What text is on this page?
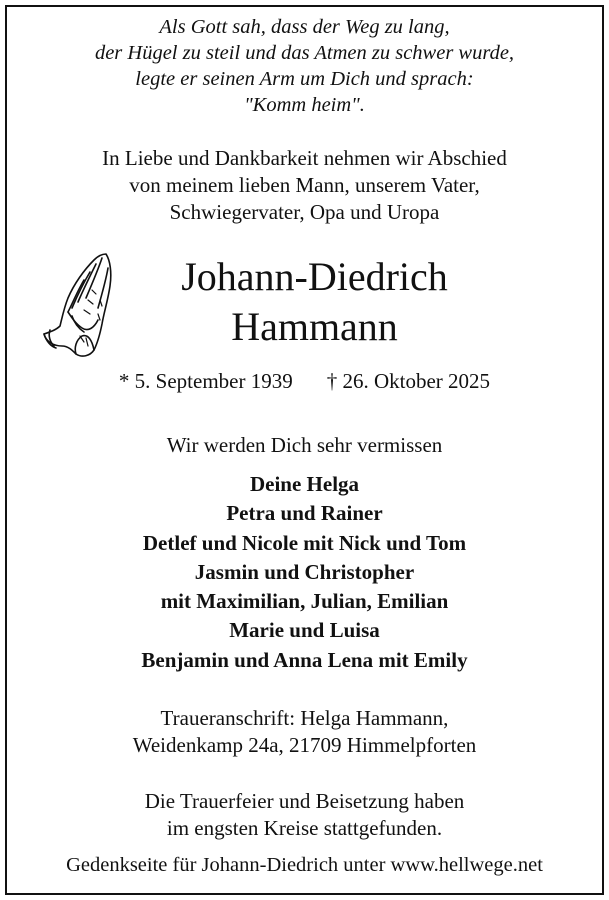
Als Gott sah, dass der Weg zu lang,
der Hügel zu steil und das Atmen zu schwer wurde,
legte er seinen Arm um Dich und sprach:
"Komm heim".
In Liebe und Dankbarkeit nehmen wir Abschied
von meinem lieben Mann, unserem Vater,
Schwiegervater, Opa und Uropa
Johann-Diedrich
Hammann
* 5. September 1939 † 26. Oktober 2025
Wir werden Dich sehr vermissen
Deine Helga
Petra und Rainer
Detlef und Nicole mit Nick und Tom
Jasmin und Christopher
mit Maximilian, Julian, Emilian
Marie und Luisa
Benjamin und Anna Lena mit Emily
Traueranschrift: Helga Hammann,
Weidenkamp 24a, 21709 Himmelpforten
Die Trauerfeier und Beisetzung haben
im engsten Kreise stattgefunden.
Gedenkseite für Johann-Diedrich unter www.hellwege.net
